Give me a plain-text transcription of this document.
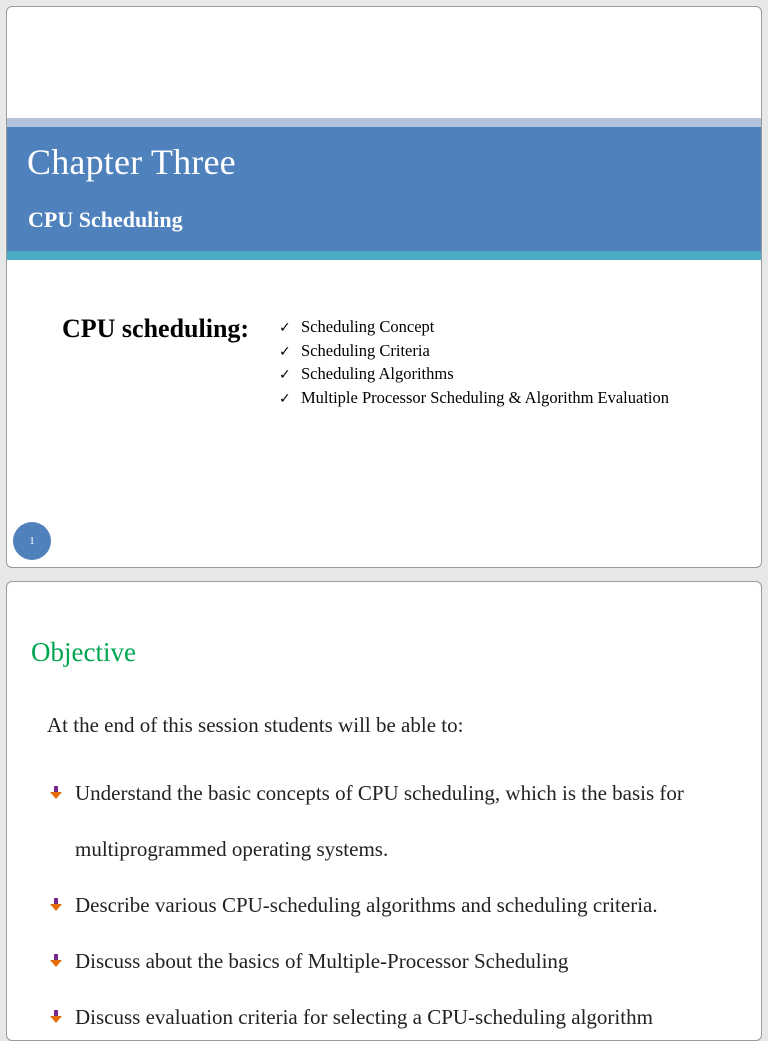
Chapter Three
CPU Scheduling
CPU scheduling: ✓ Scheduling Concept
✓ Scheduling Criteria
✓ Scheduling Algorithms
✓ Multiple Processor Scheduling & Algorithm Evaluation
1
Objective

At the end of this session students will be able to:

Understand the basic concepts of CPU scheduling, which is the basis for multiprogrammed operating systems.
Describe various CPU-scheduling algorithms and scheduling criteria.
Discuss about the basics of Multiple-Processor Scheduling
Discuss evaluation criteria for selecting a CPU-scheduling algorithm
